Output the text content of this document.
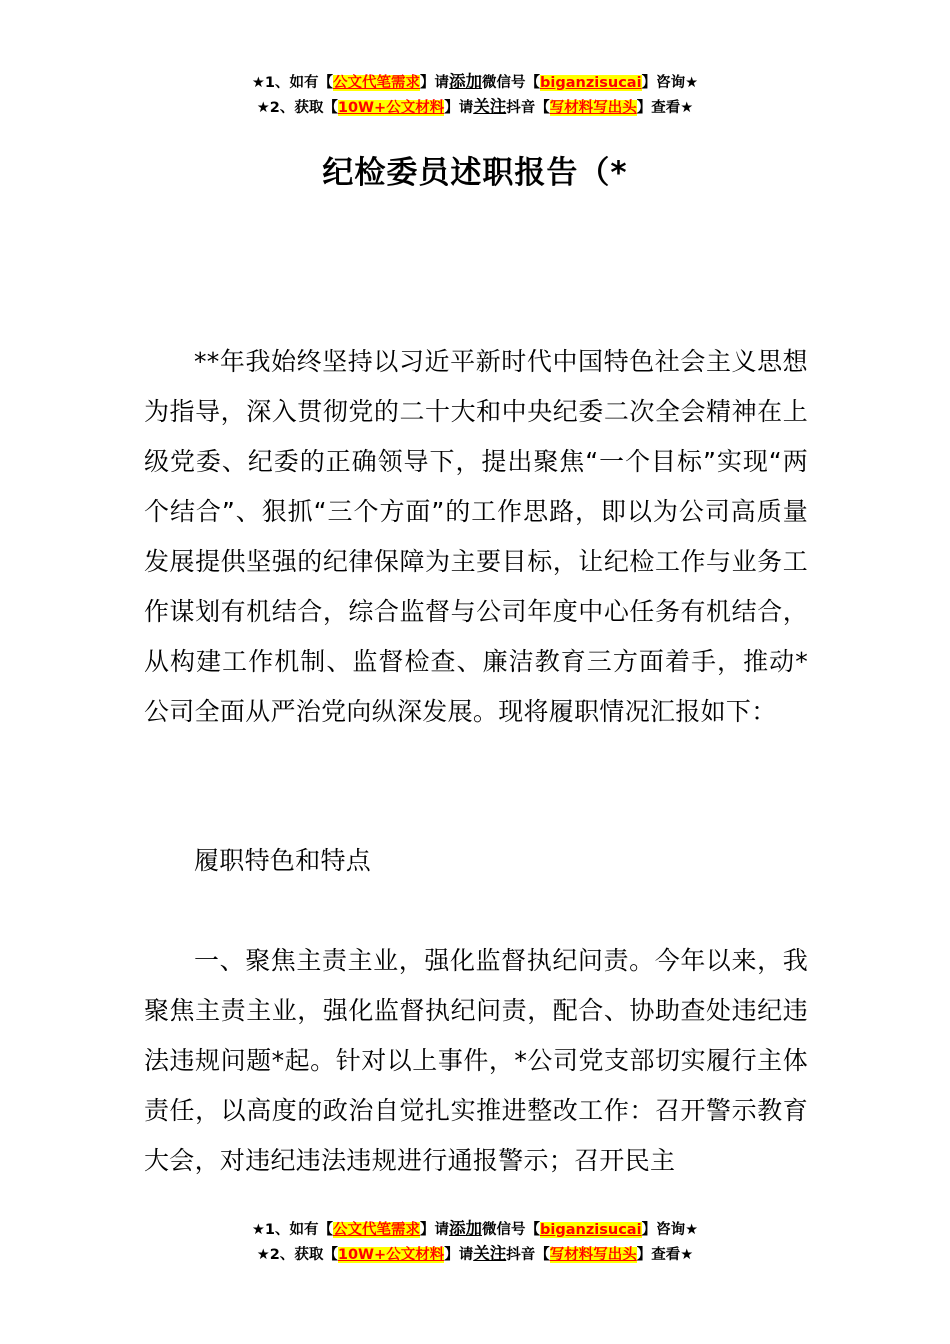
★1、如有【公文代笔需求】请添加微信号【biganzisucai】咨询★
★2、获取【10W+公文材料】请关注抖音【写材料写出头】查看★
纪检委员述职报告（*
**年我始终坚持以习近平新时代中国特色社会主义思想为指导，深入贯彻党的二十大和中央纪委二次全会精神在上级党委、纪委的正确领导下，提出聚焦“一个目标”实现“两个结合”、狠抓“三个方面”的工作思路，即以为公司高质量发展提供坚强的纪律保障为主要目标，让纪检工作与业务工作谋划有机结合，综合监督与公司年度中心任务有机结合，从构建工作机制、监督检查、廉洁教育三方面着手，推动*公司全面从严治党向纵深发展。现将履职情况汇报如下：
履职特色和特点
一、聚焦主责主业，强化监督执纪问责。今年以来，我聚焦主责主业，强化监督执纪问责，配合、协助查处违纪违法违规问题*起。针对以上事件，*公司党支部切实履行主体责任，以高度的政治自觉扎实推进整改工作：召开警示教育大会，对违纪违法违规进行通报警示；召开民主
★1、如有【公文代笔需求】请添加微信号【biganzisucai】咨询★
★2、获取【10W+公文材料】请关注抖音【写材料写出头】查看★
